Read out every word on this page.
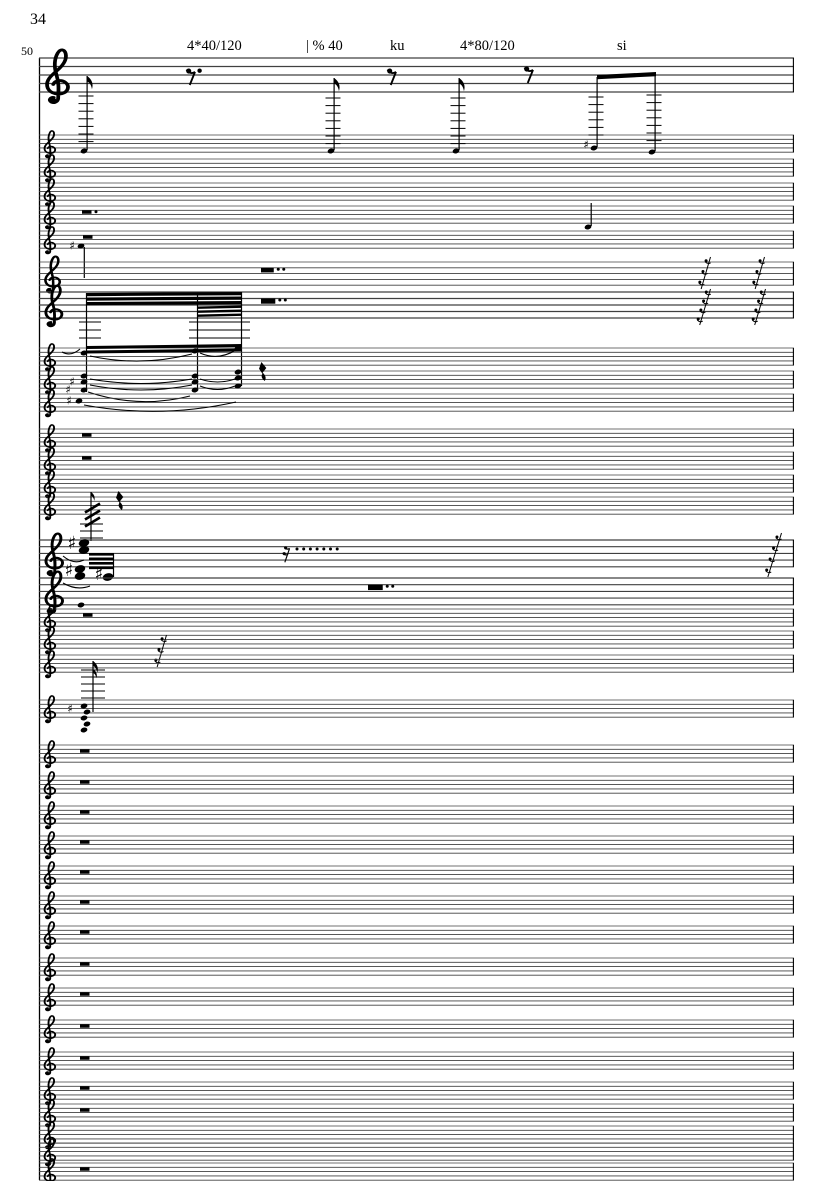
34
50	4*40/120	| % 40	ku	4*80/120	si
♯
♯
♯
♯
♯
♯
♯
♯
♯
